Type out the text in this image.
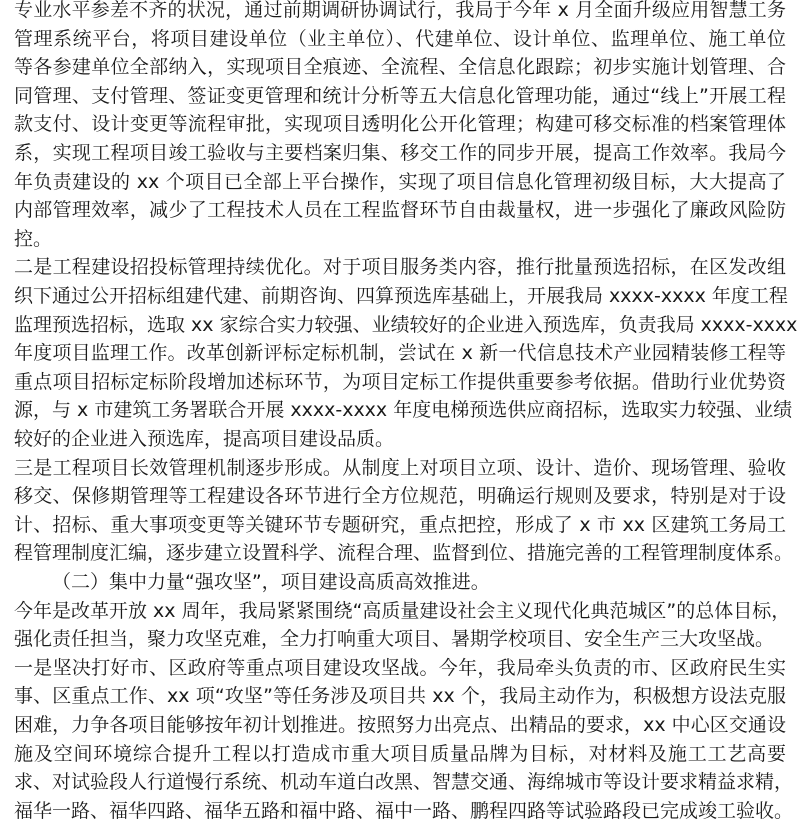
专业水平参差不齐的状况，通过前期调研协调试行，我局于今年 x 月全面升级应用智慧工务
管理系统平台，将项目建设单位（业主单位）、代建单位、设计单位、监理单位、施工单位
等各参建单位全部纳入，实现项目全痕迹、全流程、全信息化跟踪；初步实施计划管理、合
同管理、支付管理、签证变更管理和统计分析等五大信息化管理功能，通过“线上”开展工程
款支付、设计变更等流程审批，实现项目透明化公开化管理；构建可移交标准的档案管理体
系，实现工程项目竣工验收与主要档案归集、移交工作的同步开展，提高工作效率。我局今
年负责建设的 xx 个项目已全部上平台操作，实现了项目信息化管理初级目标，大大提高了
内部管理效率，减少了工程技术人员在工程监督环节自由裁量权，进一步强化了廉政风险防
控。
二是工程建设招投标管理持续优化。对于项目服务类内容，推行批量预选招标，在区发改组
织下通过公开招标组建代建、前期咨询、四算预选库基础上，开展我局 xxxx-xxxx 年度工程
监理预选招标，选取 xx 家综合实力较强、业绩较好的企业进入预选库，负责我局 xxxx-xxxx
年度项目监理工作。改革创新评标定标机制，尝试在 x 新一代信息技术产业园精装修工程等
重点项目招标定标阶段增加述标环节，为项目定标工作提供重要参考依据。借助行业优势资
源，与 x 市建筑工务署联合开展 xxxx-xxxx 年度电梯预选供应商招标，选取实力较强、业绩
较好的企业进入预选库，提高项目建设品质。
三是工程项目长效管理机制逐步形成。从制度上对项目立项、设计、造价、现场管理、验收
移交、保修期管理等工程建设各环节进行全方位规范，明确运行规则及要求，特别是对于设
计、招标、重大事项变更等关键环节专题研究，重点把控，形成了 x 市 xx 区建筑工务局工
程管理制度汇编，逐步建立设置科学、流程合理、监督到位、措施完善的工程管理制度体系。
（二）集中力量“强攻坚”，项目建设高质高效推进。
今年是改革开放 xx 周年，我局紧紧围绕“高质量建设社会主义现代化典范城区”的总体目标，
强化责任担当，聚力攻坚克难，全力打响重大项目、暑期学校项目、安全生产三大攻坚战。
一是坚决打好市、区政府等重点项目建设攻坚战。今年，我局牵头负责的市、区政府民生实
事、区重点工作、xx 项“攻坚”等任务涉及项目共 xx 个，我局主动作为，积极想方设法克服
困难，力争各项目能够按年初计划推进。按照努力出亮点、出精品的要求，xx 中心区交通设
施及空间环境综合提升工程以打造成市重大项目质量品牌为目标，对材料及施工工艺高要
求、对试验段人行道慢行系统、机动车道白改黑、智慧交通、海绵城市等设计要求精益求精，
福华一路、福华四路、福华五路和福中路、福中一路、鹏程四路等试验路段已完成竣工验收。
